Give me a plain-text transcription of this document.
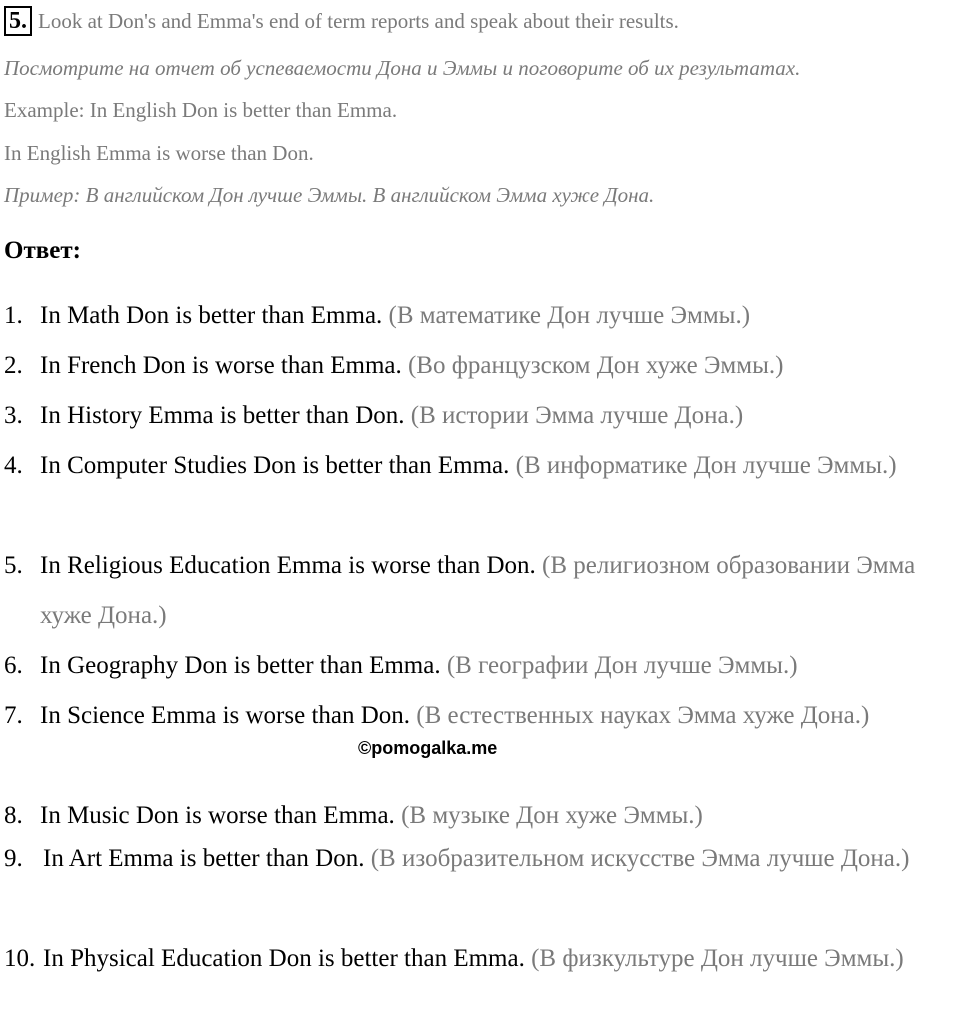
5. Look at Don's and Emma's end of term reports and speak about their results.
Посмотрите на отчет об успеваемости Дона и Эммы и поговорите об их результатах.
Example: In English Don is better than Emma.
In English Emma is worse than Don.
Пример: В английском Дон лучше Эммы. В английском Эмма хуже Дона.
Ответ:
1. In Math Don is better than Emma. (В математике Дон лучше Эммы.)
2. In French Don is worse than Emma. (Во французском Дон хуже Эммы.)
3. In History Emma is better than Don. (В истории Эмма лучше Дона.)
4. In Computer Studies Don is better than Emma. (В информатике Дон лучше Эммы.)
5. In Religious Education Emma is worse than Don. (В религиозном образовании Эмма хуже Дона.)
6. In Geography Don is better than Emma. (В географии Дон лучше Эммы.)
7. In Science Emma is worse than Don. (В естественных науках Эмма хуже Дона.)
©pomogalka.me
8. In Music Don is worse than Emma. (В музыке Дон хуже Эммы.)
9. In Art Emma is better than Don. (В изобразительном искусстве Эмма лучше Дона.)
10. In Physical Education Don is better than Emma. (В физкультуре Дон лучше Эммы.)
